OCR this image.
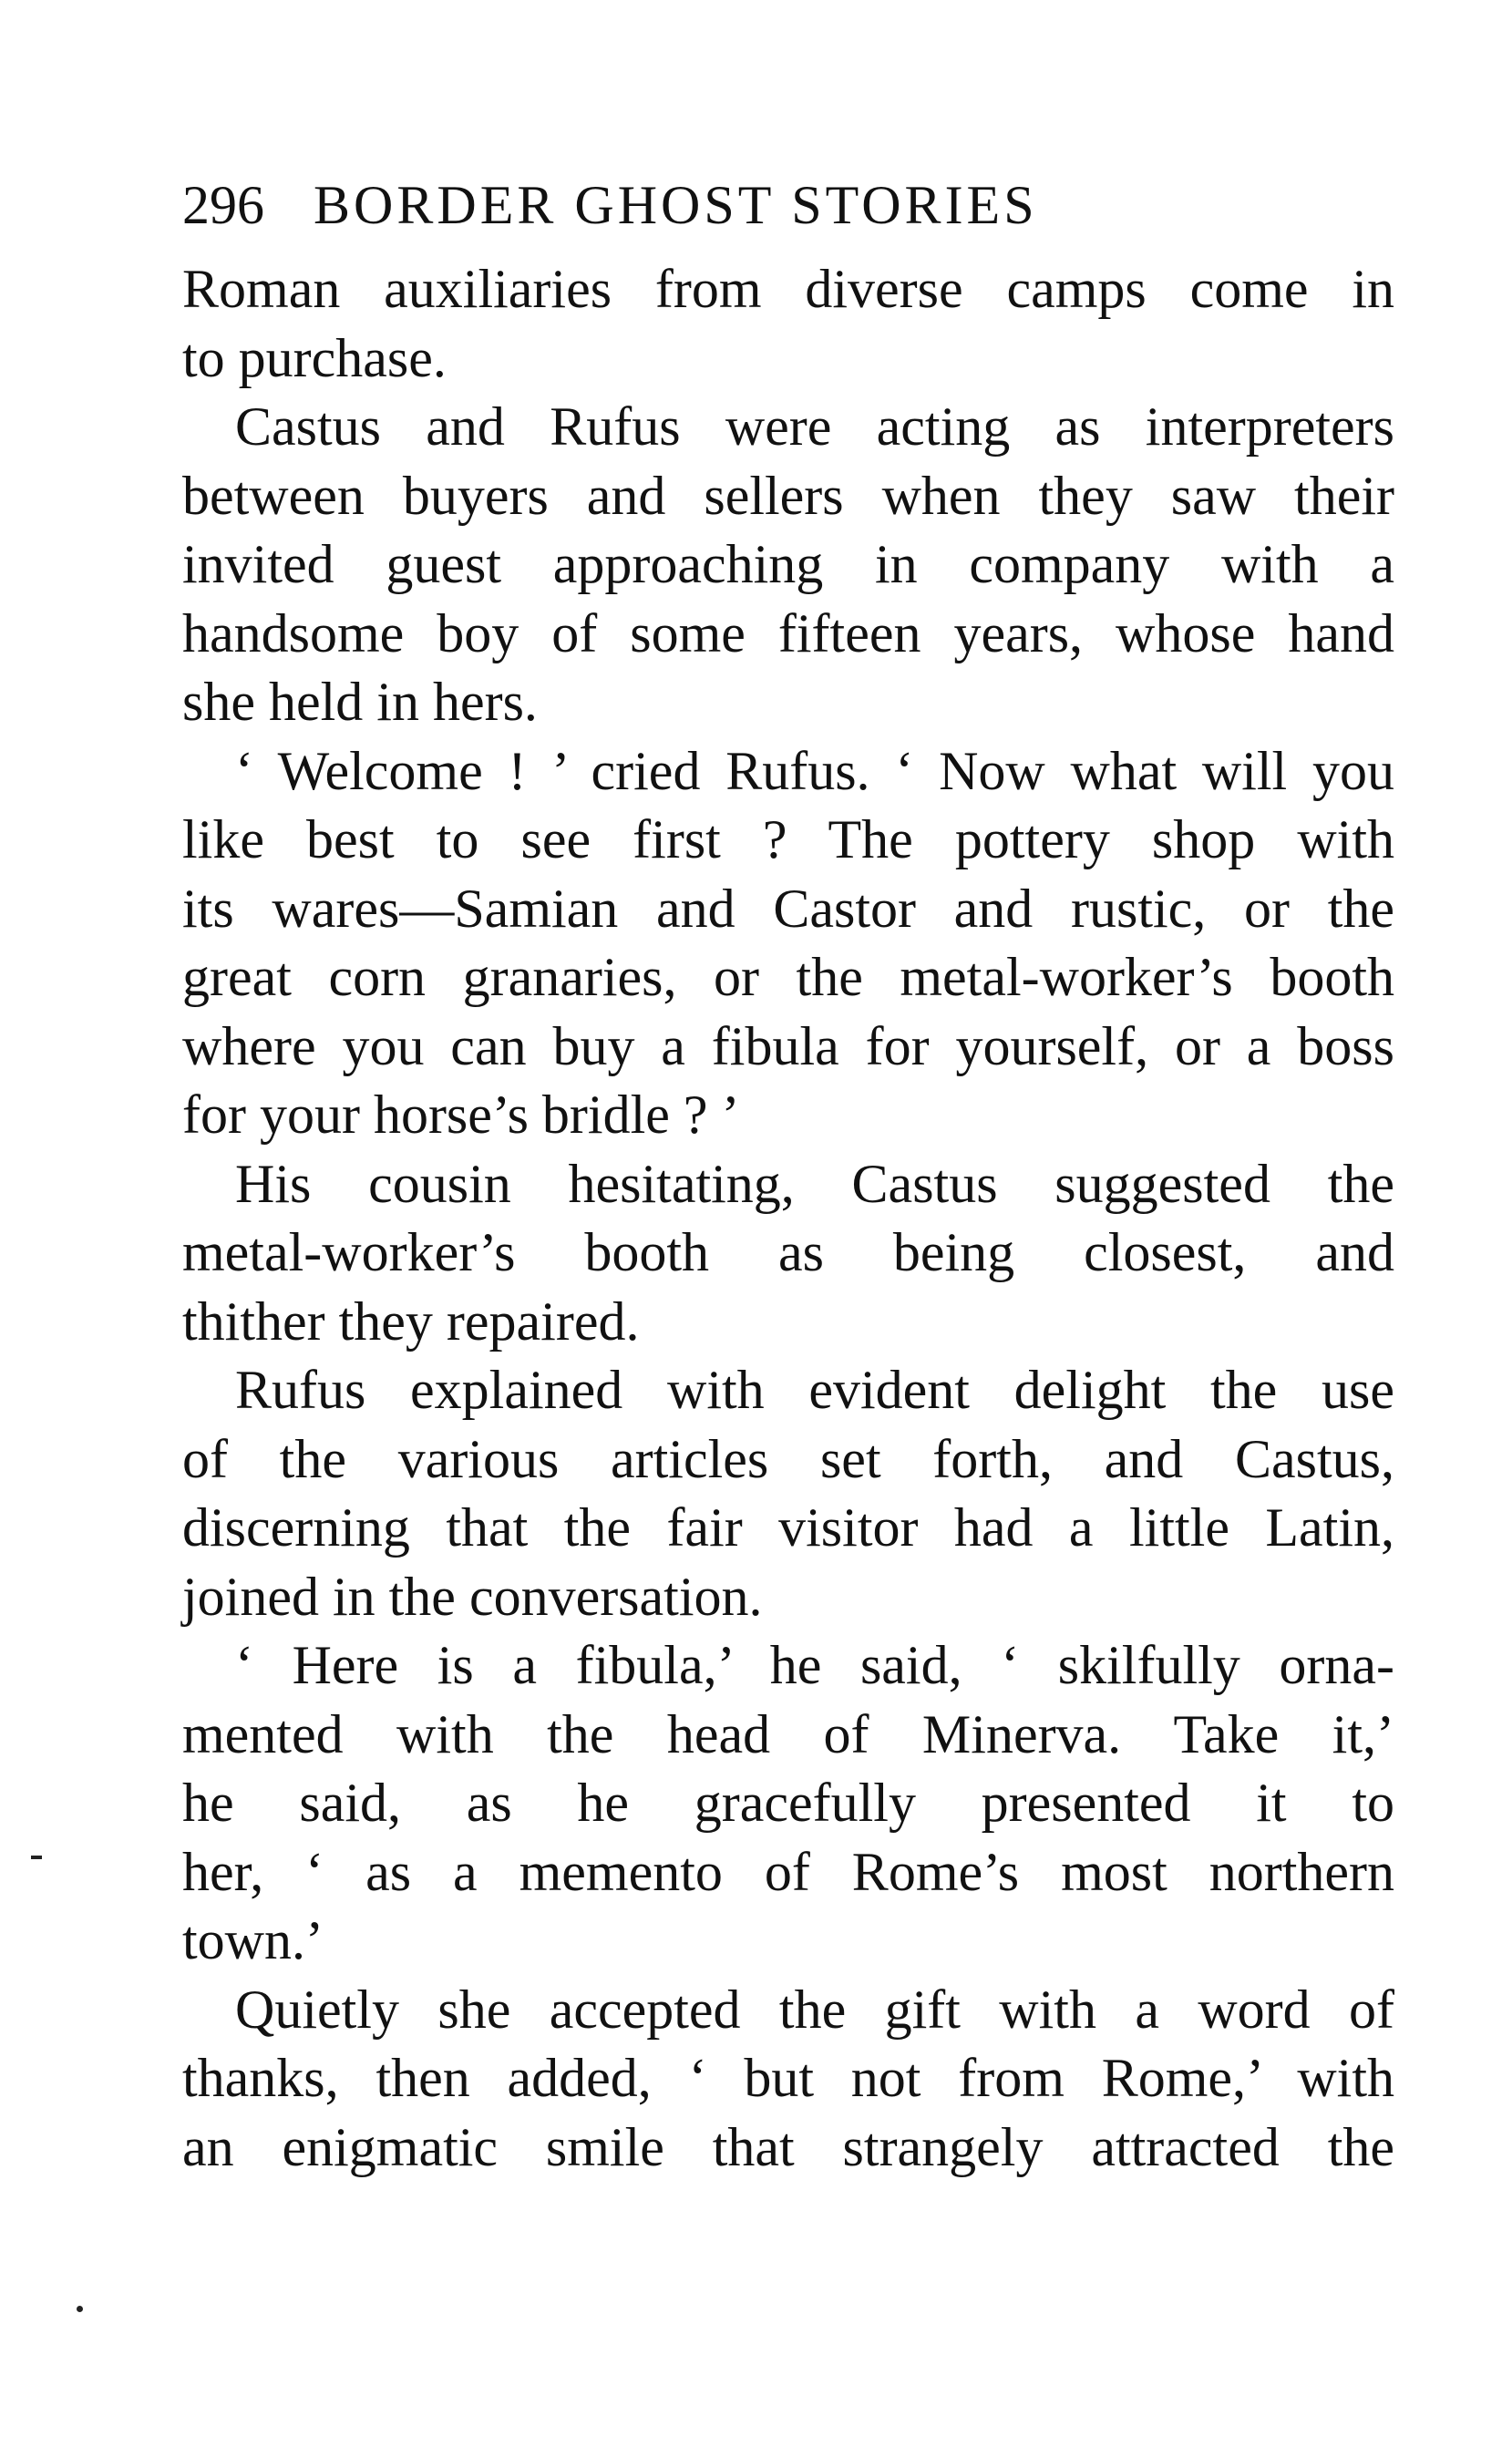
296 BORDER GHOST STORIES

Roman auxiliaries from diverse camps come in
to purchase.

Castus and Rufus were acting as interpreters
between buyers and sellers when they saw their
invited guest approaching in company with a
handsome boy of some fifteen years, whose hand
she held in hers.

‘ Welcome ! ’ cried Rufus. ‘ Now what will you
like best to see first ? The pottery shop with
its wares—Samian and Castor and rustic, or the
great corn granaries, or the metal-worker’s booth
where you can buy a fibula for yourself, or a boss
for your horse’s bridle ? ’

His cousin hesitating, Castus suggested the
metal-worker’s booth as being closest, and
thither they repaired.

Rufus explained with evident delight the use
of the various articles set forth, and Castus,
discerning that the fair visitor had a little Latin,
joined in the conversation.

‘ Here is a fibula,’ he said, ‘ skilfully orna-
mented with the head of Minerva. Take it,’
he said, as he gracefully presented it to
her, ‘ as a memento of Rome’s most northern
town.’

Quietly she accepted the gift with a word of
thanks, then added, ‘ but not from Rome,’ with
an enigmatic smile that strangely attracted the
